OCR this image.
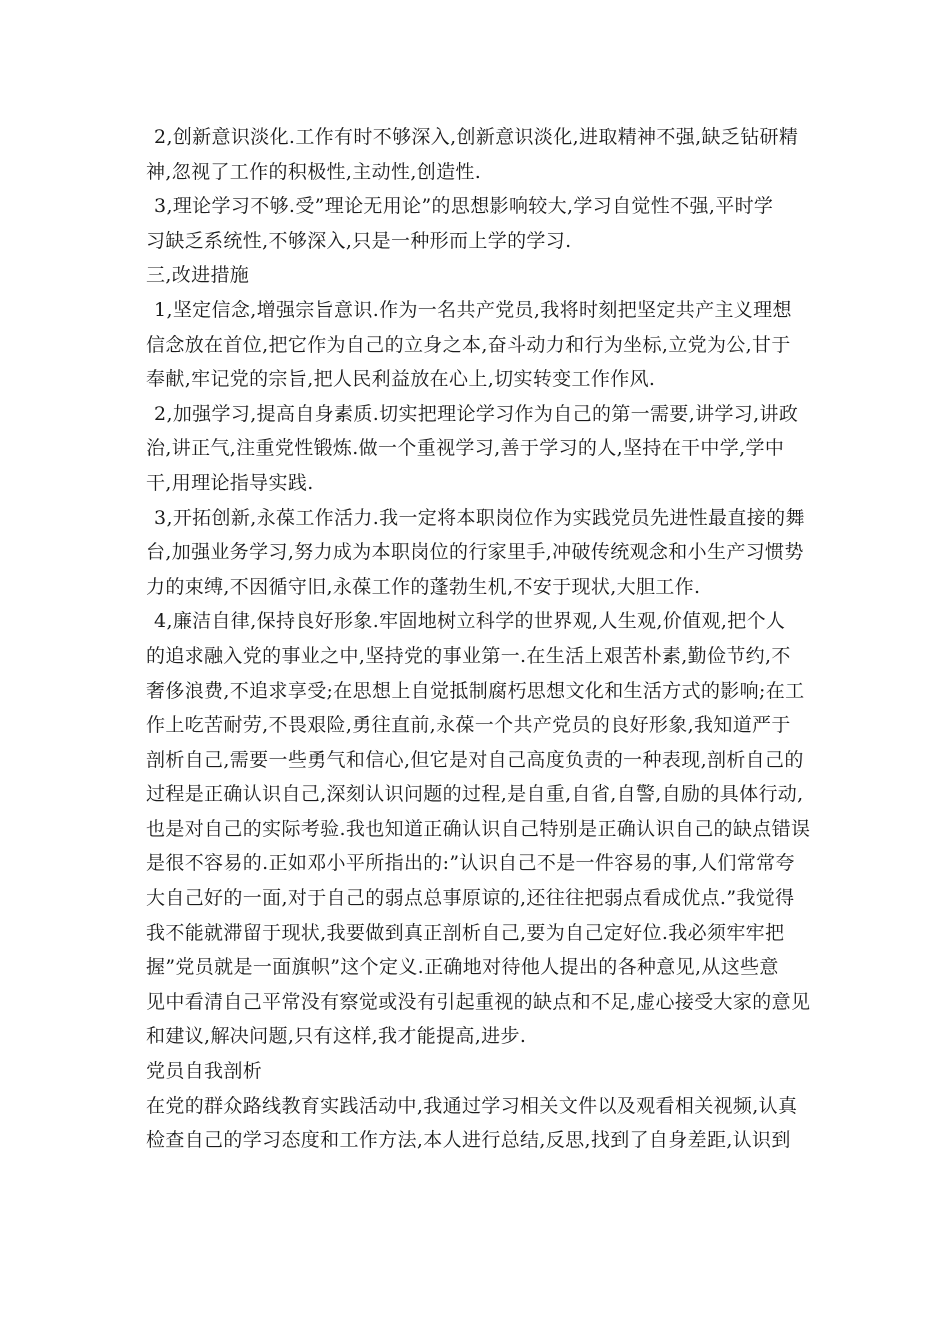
2,创新意识淡化.工作有时不够深入,创新意识淡化,进取精神不强,缺乏钻研精
神,忽视了工作的积极性,主动性,创造性.
3,理论学习不够.受”理论无用论”的思想影响较大,学习自觉性不强,平时学
习缺乏系统性,不够深入,只是一种形而上学的学习.
三,改进措施
1,坚定信念,增强宗旨意识.作为一名共产党员,我将时刻把坚定共产主义理想
信念放在首位,把它作为自己的立身之本,奋斗动力和行为坐标,立党为公,甘于
奉献,牢记党的宗旨,把人民利益放在心上,切实转变工作作风.
2,加强学习,提高自身素质.切实把理论学习作为自己的第一需要,讲学习,讲政
治,讲正气,注重党性锻炼.做一个重视学习,善于学习的人,坚持在干中学,学中
干,用理论指导实践.
3,开拓创新,永葆工作活力.我一定将本职岗位作为实践党员先进性最直接的舞
台,加强业务学习,努力成为本职岗位的行家里手,冲破传统观念和小生产习惯势
力的束缚,不因循守旧,永葆工作的蓬勃生机,不安于现状,大胆工作.
4,廉洁自律,保持良好形象.牢固地树立科学的世界观,人生观,价值观,把个人
的追求融入党的事业之中,坚持党的事业第一.在生活上艰苦朴素,勤俭节约,不
奢侈浪费,不追求享受;在思想上自觉抵制腐朽思想文化和生活方式的影响;在工
作上吃苦耐劳,不畏艰险,勇往直前,永葆一个共产党员的良好形象,我知道严于
剖析自己,需要一些勇气和信心,但它是对自己高度负责的一种表现,剖析自己的
过程是正确认识自己,深刻认识问题的过程,是自重,自省,自警,自励的具体行动,
也是对自己的实际考验.我也知道正确认识自己特别是正确认识自己的缺点错误
是很不容易的.正如邓小平所指出的:”认识自己不是一件容易的事,人们常常夸
大自己好的一面,对于自己的弱点总事原谅的,还往往把弱点看成优点.”我觉得
我不能就滞留于现状,我要做到真正剖析自己,要为自己定好位.我必须牢牢把
握”党员就是一面旗帜”这个定义.正确地对待他人提出的各种意见,从这些意
见中看清自己平常没有察觉或没有引起重视的缺点和不足,虚心接受大家的意见
和建议,解决问题,只有这样,我才能提高,进步.
党员自我剖析
在党的群众路线教育实践活动中,我通过学习相关文件以及观看相关视频,认真
检查自己的学习态度和工作方法,本人进行总结,反思,找到了自身差距,认识到
